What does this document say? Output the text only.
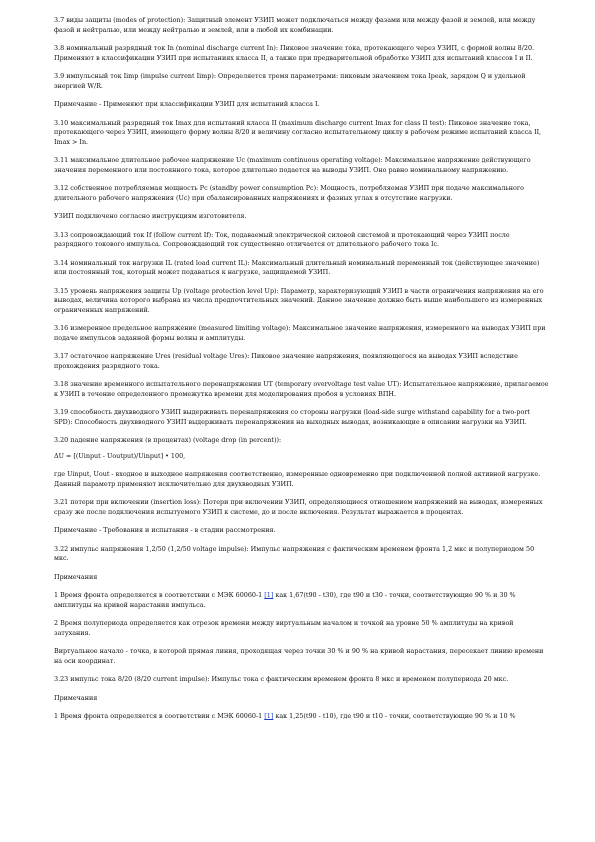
3.7 виды защиты (modes of protection): Защитный элемент УЗИП может подключаться между фазами или между фазой и землей, или между фазой и нейтралью, или между нейтралью и землей, или в любой их комбинации.

3.8 номинальный разрядный ток In (nominal discharge current In): Пиковое значение тока, протекающего через УЗИП, с формой волны 8/20. Применяют в классификации УЗИП при испытаниях класса II, а также при предварительной обработке УЗИП для испытаний классов I и II.

3.9 импульсный ток Iimp (impulse current Iimp): Определяется тремя параметрами: пиковым значением тока Ipeak, зарядом Q и удельной энергией W/R.

Примечание - Применяют при классификации УЗИП для испытаний класса I.

3.10 максимальный разрядный ток Imax для испытаний класса II (maximum discharge current Imax for class II test): Пиковое значение тока, протекающего через УЗИП, имеющего форму волны 8/20 и величину согласно испытательному циклу в рабочем режиме испытаний класса II, Imax > In.

3.11 максимальное длительное рабочее напряжение Uc (maximum continuous operating voltage): Максимальное напряжение действующего значения переменного или постоянного тока, которое длительно подается на выводы УЗИП. Оно равно номинальному напряжению.

3.12 собственное потребляемая мощность Pc (standby power consumption Pc): Мощность, потребляемая УЗИП при подаче максимального длительного рабочего напряжения (Uc) при сбалансированных напряжениях и фазных углах в отсутствие нагрузки.

УЗИП подключено согласно инструкциям изготовителя.

3.13 сопровождающий ток If (follow current If): Ток, подаваемый электрической силовой системой и протекающий через УЗИП после разрядного токового импульса. Сопровождающий ток существенно отличается от длительного рабочего тока Ic.

3.14 номинальный ток нагрузки IL (rated load current IL): Максимальный длительный номинальный переменный ток (действующее значение) или постоянный ток, который может подаваться к нагрузке, защищаемой УЗИП.

3.15 уровень напряжения защиты Up (voltage protection level Up): Параметр, характеризующий УЗИП в части ограничения напряжения на его выводах, величина которого выбрана из числа предпочтительных значений. Данное значение должно быть выше наибольшего из измеренных ограниченных напряжений.

3.16 измеренное предельное напряжение (measured limiting voltage): Максимальное значение напряжения, измеренного на выводах УЗИП при подаче импульсов заданной формы волны и амплитуды.

3.17 остаточное напряжение Ures (residual voltage Ures): Пиковое значение напряжения, появляющегося на выводах УЗИП вследствие прохождения разрядного тока.

3.18 значение временного испытательного перенапряжения UT (temporary overvoltage test value UT): Испытательное напряжение, прилагаемое к УЗИП в течение определенного промежутка времени для моделирования пробоя в условиях ВПН.

3.19 способность двухвводного УЗИП выдерживать перенапряжения со стороны нагрузки (load-side surge withstand capability for a two-port SPD): Способность двухвводного УЗИП выдерживать перенапряжения на выходных выводах, возникающие в описании нагрузки на УЗИП.

3.20 падение напряжения (в процентах) (voltage drop (in percent)):

ΔU = [(Uinput - Uoutput)/Uinput] • 100,

где Uinput, Uout - входное и выходное напряжения соответственно, измеренные одновременно при подключенной полной активной нагрузке. Данный параметр применяют исключительно для двухвводных УЗИП.

3.21 потери при включении (insertion loss): Потери при включении УЗИП, определяющиеся отношением напряжений на выводах, измеренных сразу же после подключения испытуемого УЗИП к системе, до и после включения. Результат выражается в процентах.

Примечание - Требования и испытания - в стадии рассмотрения.

3.22 импульс напряжения 1,2/50 (1,2/50 voltage impulse): Импульс напряжения с фактическим временем фронта 1,2 мкс и полупериодом 50 мкс.

Примечания

1 Время фронта определяется в соответствии с МЭК 60060-1 [1] как 1,67(t90 - t30), где t90 и t30 - точки, соответствующие 90 % и 30 % амплитуды на кривой нарастания импульса.

2 Время полупериода определяется как отрезок времени между виртуальным началом и точкой на уровне 50 % амплитуды на кривой затухания.

Виртуальное начало - точка, в которой прямая линия, проходящая через точки 30 % и 90 % на кривой нарастания, пересекает линию времени на оси координат.

3.23 импульс тока 8/20 (8/20 current impulse): Импульс тока с фактическим временем фронта 8 мкс и временем полупериода 20 мкс.

Примечания

1 Время фронта определяется в соответствии с МЭК 60060-1 [1] как 1,25(t90 - t10), где t90 и t10 - точки, соответствующие 90 % и 10 %
